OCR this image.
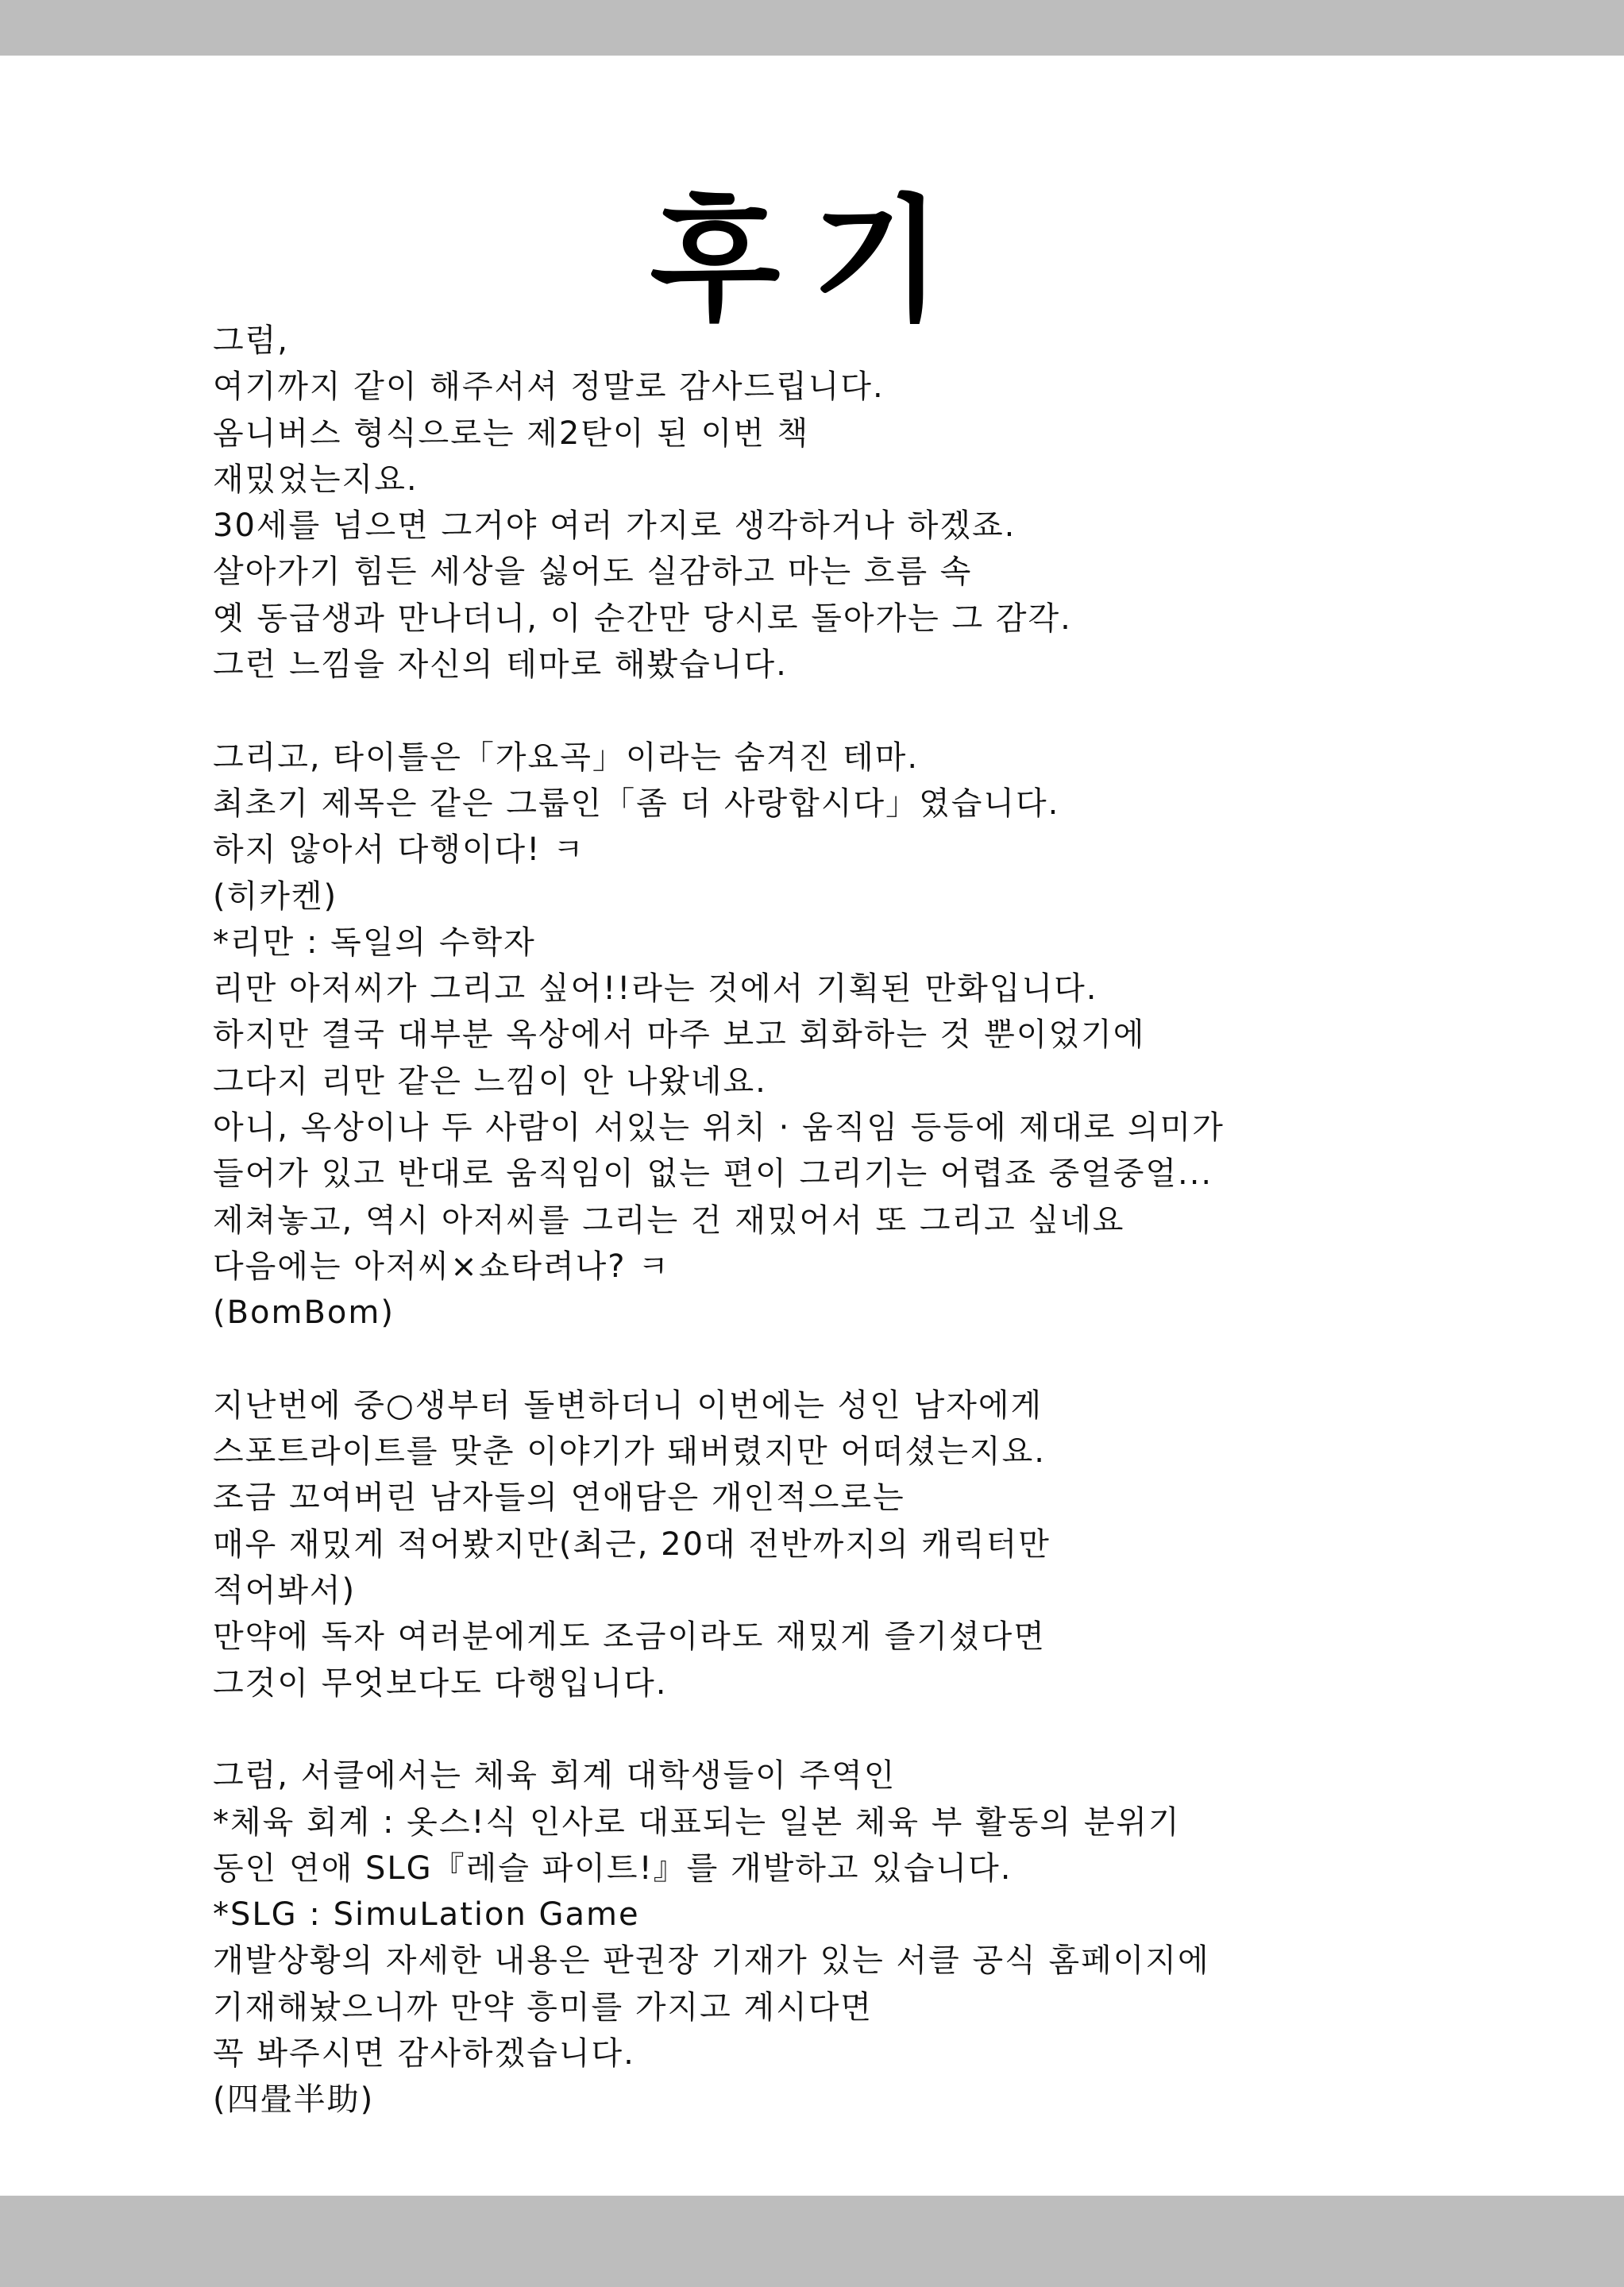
후기
그럼,
여기까지 같이 해주서셔 정말로 감사드립니다.
옴니버스 형식으로는 제2탄이 된 이번 책
재밌었는지요.
30세를 넘으면 그거야 여러 가지로 생각하거나 하겠죠.
살아가기 힘든 세상을 싫어도 실감하고 마는 흐름 속
옛 동급생과 만나더니, 이 순간만 당시로 돌아가는 그 감각.
그런 느낌을 자신의 테마로 해봤습니다.
그리고, 타이틀은「가요곡」이라는 숨겨진 테마.
최초기 제목은 같은 그룹인「좀 더 사랑합시다」였습니다.
하지 않아서 다행이다! ㅋ
(히카켄)
*리만 : 독일의 수학자
리만 아저씨가 그리고 싶어!!라는 것에서 기획된 만화입니다.
하지만 결국 대부분 옥상에서 마주 보고 회화하는 것 뿐이었기에
그다지 리만 같은 느낌이 안 나왔네요.
아니, 옥상이나 두 사람이 서있는 위치 · 움직임 등등에 제대로 의미가
들어가 있고 반대로 움직임이 없는 편이 그리기는 어렵죠 중얼중얼...
제쳐놓고, 역시 아저씨를 그리는 건 재밌어서 또 그리고 싶네요
다음에는 아저씨×쇼타려나? ㅋ
(BomBom)
지난번에 중○생부터 돌변하더니 이번에는 성인 남자에게
스포트라이트를 맞춘 이야기가 돼버렸지만 어떠셨는지요.
조금 꼬여버린 남자들의 연애담은 개인적으로는
매우 재밌게 적어봤지만(최근, 20대 전반까지의 캐릭터만
적어봐서)
만약에 독자 여러분에게도 조금이라도 재밌게 즐기셨다면
그것이 무엇보다도 다행입니다.
그럼, 서클에서는 체육 회계 대학생들이 주역인
*체육 회계 : 옷스!식 인사로 대표되는 일본 체육 부 활동의 분위기
동인 연애 SLG『레슬 파이트!』를 개발하고 있습니다.
*SLG : SimuLation Game
개발상황의 자세한 내용은 판권장 기재가 있는 서클 공식 홈페이지에
기재해놨으니까 만약 흥미를 가지고 계시다면
꼭 봐주시면 감사하겠습니다.
(四畳半助)
